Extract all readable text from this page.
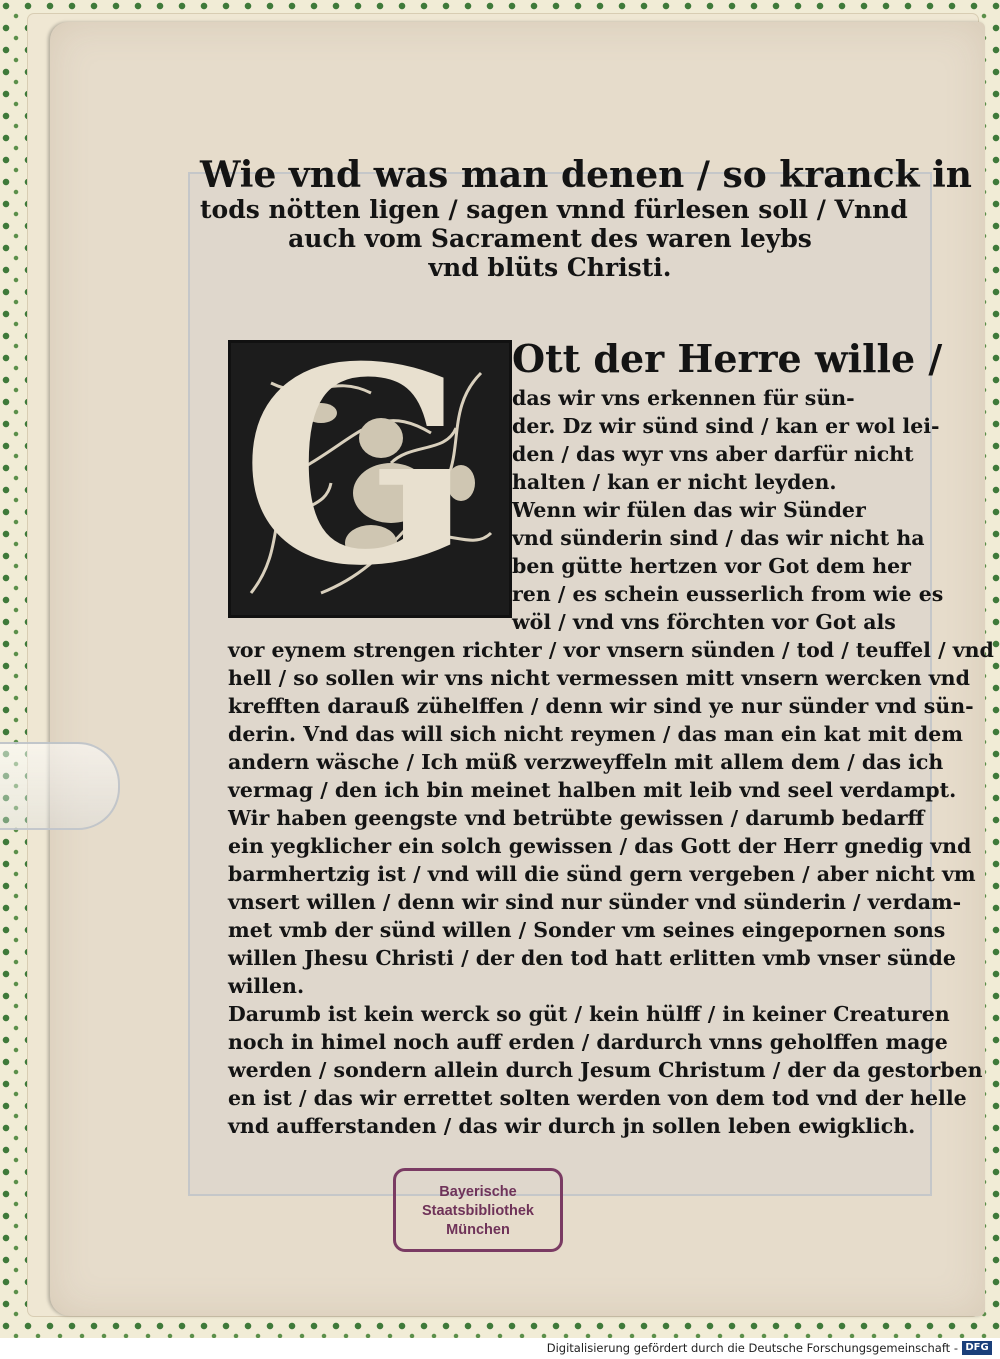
Wie vnd was man denen / so kranck in
tods nötten ligen / sagen vnnd fürlesen soll / Vnnd
auch vom Sacrament des waren leybs
vnd blüts Christi.
G Ott der Herre wille /
das wir vns erkennen für sün-
der. Dz wir sünd sind / kan er wol lei-
den / das wyr vns aber darfür nicht
halten / kan er nicht leyden.
Wenn wir fülen das wir Sünder
vnd sünderin sind / das wir nicht ha
ben gütte hertzen vor Got dem her
ren / es schein eusserlich from wie es
wöl / vnd vns förchten vor Got als
vor eynem strengen richter / vor vnsern sünden / tod / teuffel / vnd
hell / so sollen wir vns nicht vermessen mitt vnsern wercken vnd
krefften darauß zühelffen / denn wir sind ye nur sünder vnd sün-
derin. Vnd das will sich nicht reymen / das man ein kat mit dem
andern wäsche / Ich müß verzweyffeln mit allem dem / das ich
vermag / den ich bin meinet halben mit leib vnd seel verdampt.
Wir haben geengste vnd betrübte gewissen / darumb bedarff
ein yegklicher ein solch gewissen / das Gott der Herr gnedig vnd
barmhertzig ist / vnd will die sünd gern vergeben / aber nicht vm
vnsert willen / denn wir sind nur sünder vnd sünderin / verdam-
met vmb der sünd willen / Sonder vm seines eingepornen sons
willen Jhesu Christi / der den tod hatt erlitten vmb vnser sünde
willen.
Darumb ist kein werck so güt / kein hülff / in keiner Creaturen
noch in himel noch auff erden / dardurch vnns geholffen mage
werden / sondern allein durch Jesum Christum / der da gestorben
en ist / das wir errettet solten werden von dem tod vnd der helle
vnd aufferstanden / das wir durch jn sollen leben ewigklich.
Bayerische
Staatsbibliothek
München
Digitalisierung gefördert durch die Deutsche Forschungsgemeinschaft - DFG
